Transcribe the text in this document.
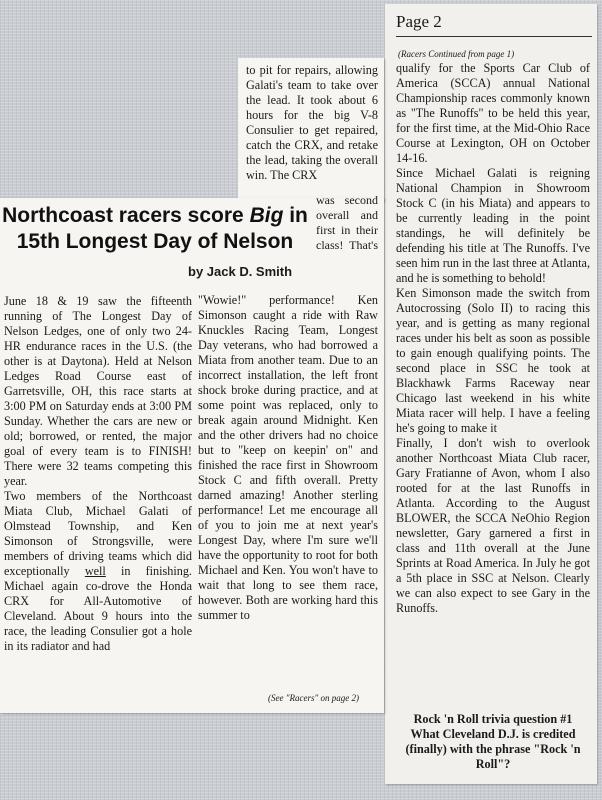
Page 2
Northcoast racers score Big in
15th Longest Day of Nelson
by Jack D. Smith

June 18 & 19 saw the fifteenth running of The Longest Day of Nelson Ledges, one of only two 24-HR endurance races in the U.S. (the other is at Daytona). Held at Nelson Ledges Road Course east of Garretsville, OH, this race starts at 3:00 PM on Saturday ends at 3:00 PM Sunday. Whether the cars are new or old; borrowed, or rented, the major goal of every team is to FINISH! There were 32 teams competing this year.

Two members of the Northcoast Miata Club, Michael Galati of Olmstead Township, and Ken Simonson of Strongsville, were members of driving teams which did exceptionally well in finishing. Michael again co-drove the Honda CRX for All-Automotive of Cleveland. About 9 hours into the race, the leading Consulier got a hole in its radiator and had

to pit for repairs, allowing Galati's team to take over the lead. It took about 6 hours for the big V-8 Consulier to get repaired, catch the CRX, and retake the lead, taking the overall win. The CRX

was second overall and first in their class! That's

"Wowie!" performance! Ken Simonson caught a ride with Raw Knuckles Racing Team, Longest Day veterans, who had borrowed a Miata from another team. Due to an incorrect installation, the left front shock broke during practice, and at some point was replaced, only to break again around Midnight. Ken and the other drivers had no choice but to "keep on keepin' on" and finished the race first in Showroom Stock C and fifth overall. Pretty darned amazing! Another sterling performance! Let me encourage all of you to join me at next year's Longest Day, where I'm sure we'll have the opportunity to root for both Michael and Ken. You won't have to wait that long to see them race, however. Both are working hard this summer to

(See "Racers" on page 2)
(Racers Continued from page 1)

qualify for the Sports Car Club of America (SCCA) annual National Championship races commonly known as "The Runoffs" to be held this year, for the first time, at the Mid-Ohio Race Course at Lexington, OH on October 14-16.

Since Michael Galati is reigning National Champion in Showroom Stock C (in his Miata) and appears to be currently leading in the point standings, he will definitely be defending his title at The Runoffs. I've seen him run in the last three at Atlanta, and he is something to behold!

Ken Simonson made the switch from Autocrossing (Solo II) to racing this year, and is getting as many regional races under his belt as soon as possible to gain enough qualifying points. The second place in SSC he took at Blackhawk Farms Raceway near Chicago last weekend in his white Miata racer will help. I have a feeling he's going to make it

Finally, I don't wish to overlook another Northcoast Miata Club racer, Gary Fratianne of Avon, whom I also rooted for at the last Runoffs in Atlanta. According to the August BLOWER, the SCCA NeOhio Region newsletter, Gary garnered a first in class and 11th overall at the June Sprints at Road America. In July he got a 5th place in SSC at Nelson. Clearly we can also expect to see Gary in the Runoffs.

Rock 'n Roll trivia question #1 What Cleveland D.J. is credited (finally) with the phrase "Rock 'n Roll"?
